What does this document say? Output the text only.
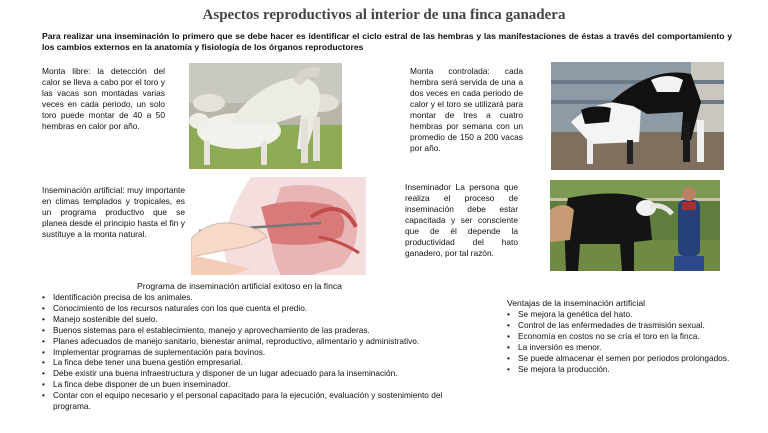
Aspectos reproductivos al interior de una finca ganadera
Para realizar una inseminación lo primero que se debe hacer es identificar el ciclo estral de las hembras y las manifestaciones de éstas a través del comportamiento y los cambios externos en la anatomía y fisiología de los órganos reproductores
Monta libre: la detección del calor se lleva a cabo por el toro y las vacas son montadas varias veces en cada periodo, un solo toro puede montar de 40 a 50 hembras en calor por año.
Monta controlada: cada hembra será servida de una a dos veces en cada periodo de calor y el toro se utilizará para montar de tres a cuatro hembras por semana con un promedio de 150 a 200 vacas por año.
Inseminación artificial: muy importante en climas templados y tropicales, es un programa productivo que se planea desde el principio hasta el fin y sustituye a la monta natural.
Inseminador La persona que realiza el proceso de inseminación debe estar capacitada y ser consciente que de él depende la productividad del hato ganadero, por tal razón.
Programa de inseminación artificial exitoso en la finca
• Identificación precisa de los animales.
• Conocimiento de los recursos naturales con los que cuenta el predio.
• Manejo sostenible del suelo.
• Buenos sistemas para el establecimiento, manejo y aprovechamiento de las praderas.
• Planes adecuados de manejo sanitario, bienestar animal, reproductivo, alimentario y administrativo.
• Implementar programas de suplementación para bovinos.
• La finca debe tener una buena gestión empresarial.
• Debe existir una buena infraestructura y disponer de un lugar adecuado para la inseminación.
• La finca debe disponer de un buen inseminador.
• Contar con el equipo necesario y el personal capacitado para la ejecución, evaluación y sostenimiento del programa.
Ventajas de la inseminación artificial
• Se mejora la genética del hato.
• Control de las enfermedades de trasmisión sexual.
• Economía en costos no se cría el toro en la finca.
• La inversión es menor.
• Se puede almacenar el semen por periodos prolongados.
• Se mejora la producción.
